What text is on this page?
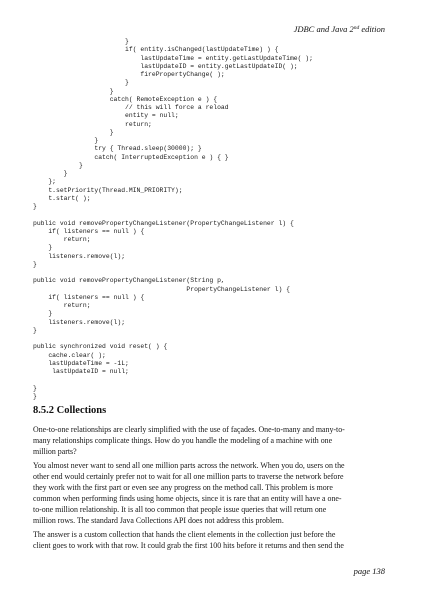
JDBC and Java 2nd edition
}
if( entity.isChanged(lastUpdateTime) ) {
lastUpdateTime = entity.getLastUpdateTime( );
lastUpdateID = entity.getLastUpdateID( );
firePropertyChange( );
}
}
catch( RemoteException e ) {
// this will force a reload
entity = null;
return;
}
}
try { Thread.sleep(30000); }
catch( InterruptedException e ) { }
}
}
};
t.setPriority(Thread.MIN_PRIORITY);
t.start( );
}
public void removePropertyChangeListener(PropertyChangeListener l) {
if( listeners == null ) {
return;
}
listeners.remove(l);
}
public void removePropertyChangeListener(String p,
PropertyChangeListener l) {
if( listeners == null ) {
return;
}
listeners.remove(l);
}
public synchronized void reset( ) {
cache.clear( );
lastUpdateTime = -1L;
lastUpdateID = null;
}
}
8.5.2 Collections
One-to-one relationships are clearly simplified with the use of façades. One-to-many and many-to-
many relationships complicate things. How do you handle the modeling of a machine with one
million parts?
You almost never want to send all one million parts across the network. When you do, users on the
other end would certainly prefer not to wait for all one million parts to traverse the network before
they work with the first part or even see any progress on the method call. This problem is more
common when performing finds using home objects, since it is rare that an entity will have a one-
to-one million relationship. It is all too common that people issue queries that will return one
million rows. The standard Java Collections API does not address this problem.
The answer is a custom collection that hands the client elements in the collection just before the
client goes to work with that row. It could grab the first 100 hits before it returns and then send the
page 138
